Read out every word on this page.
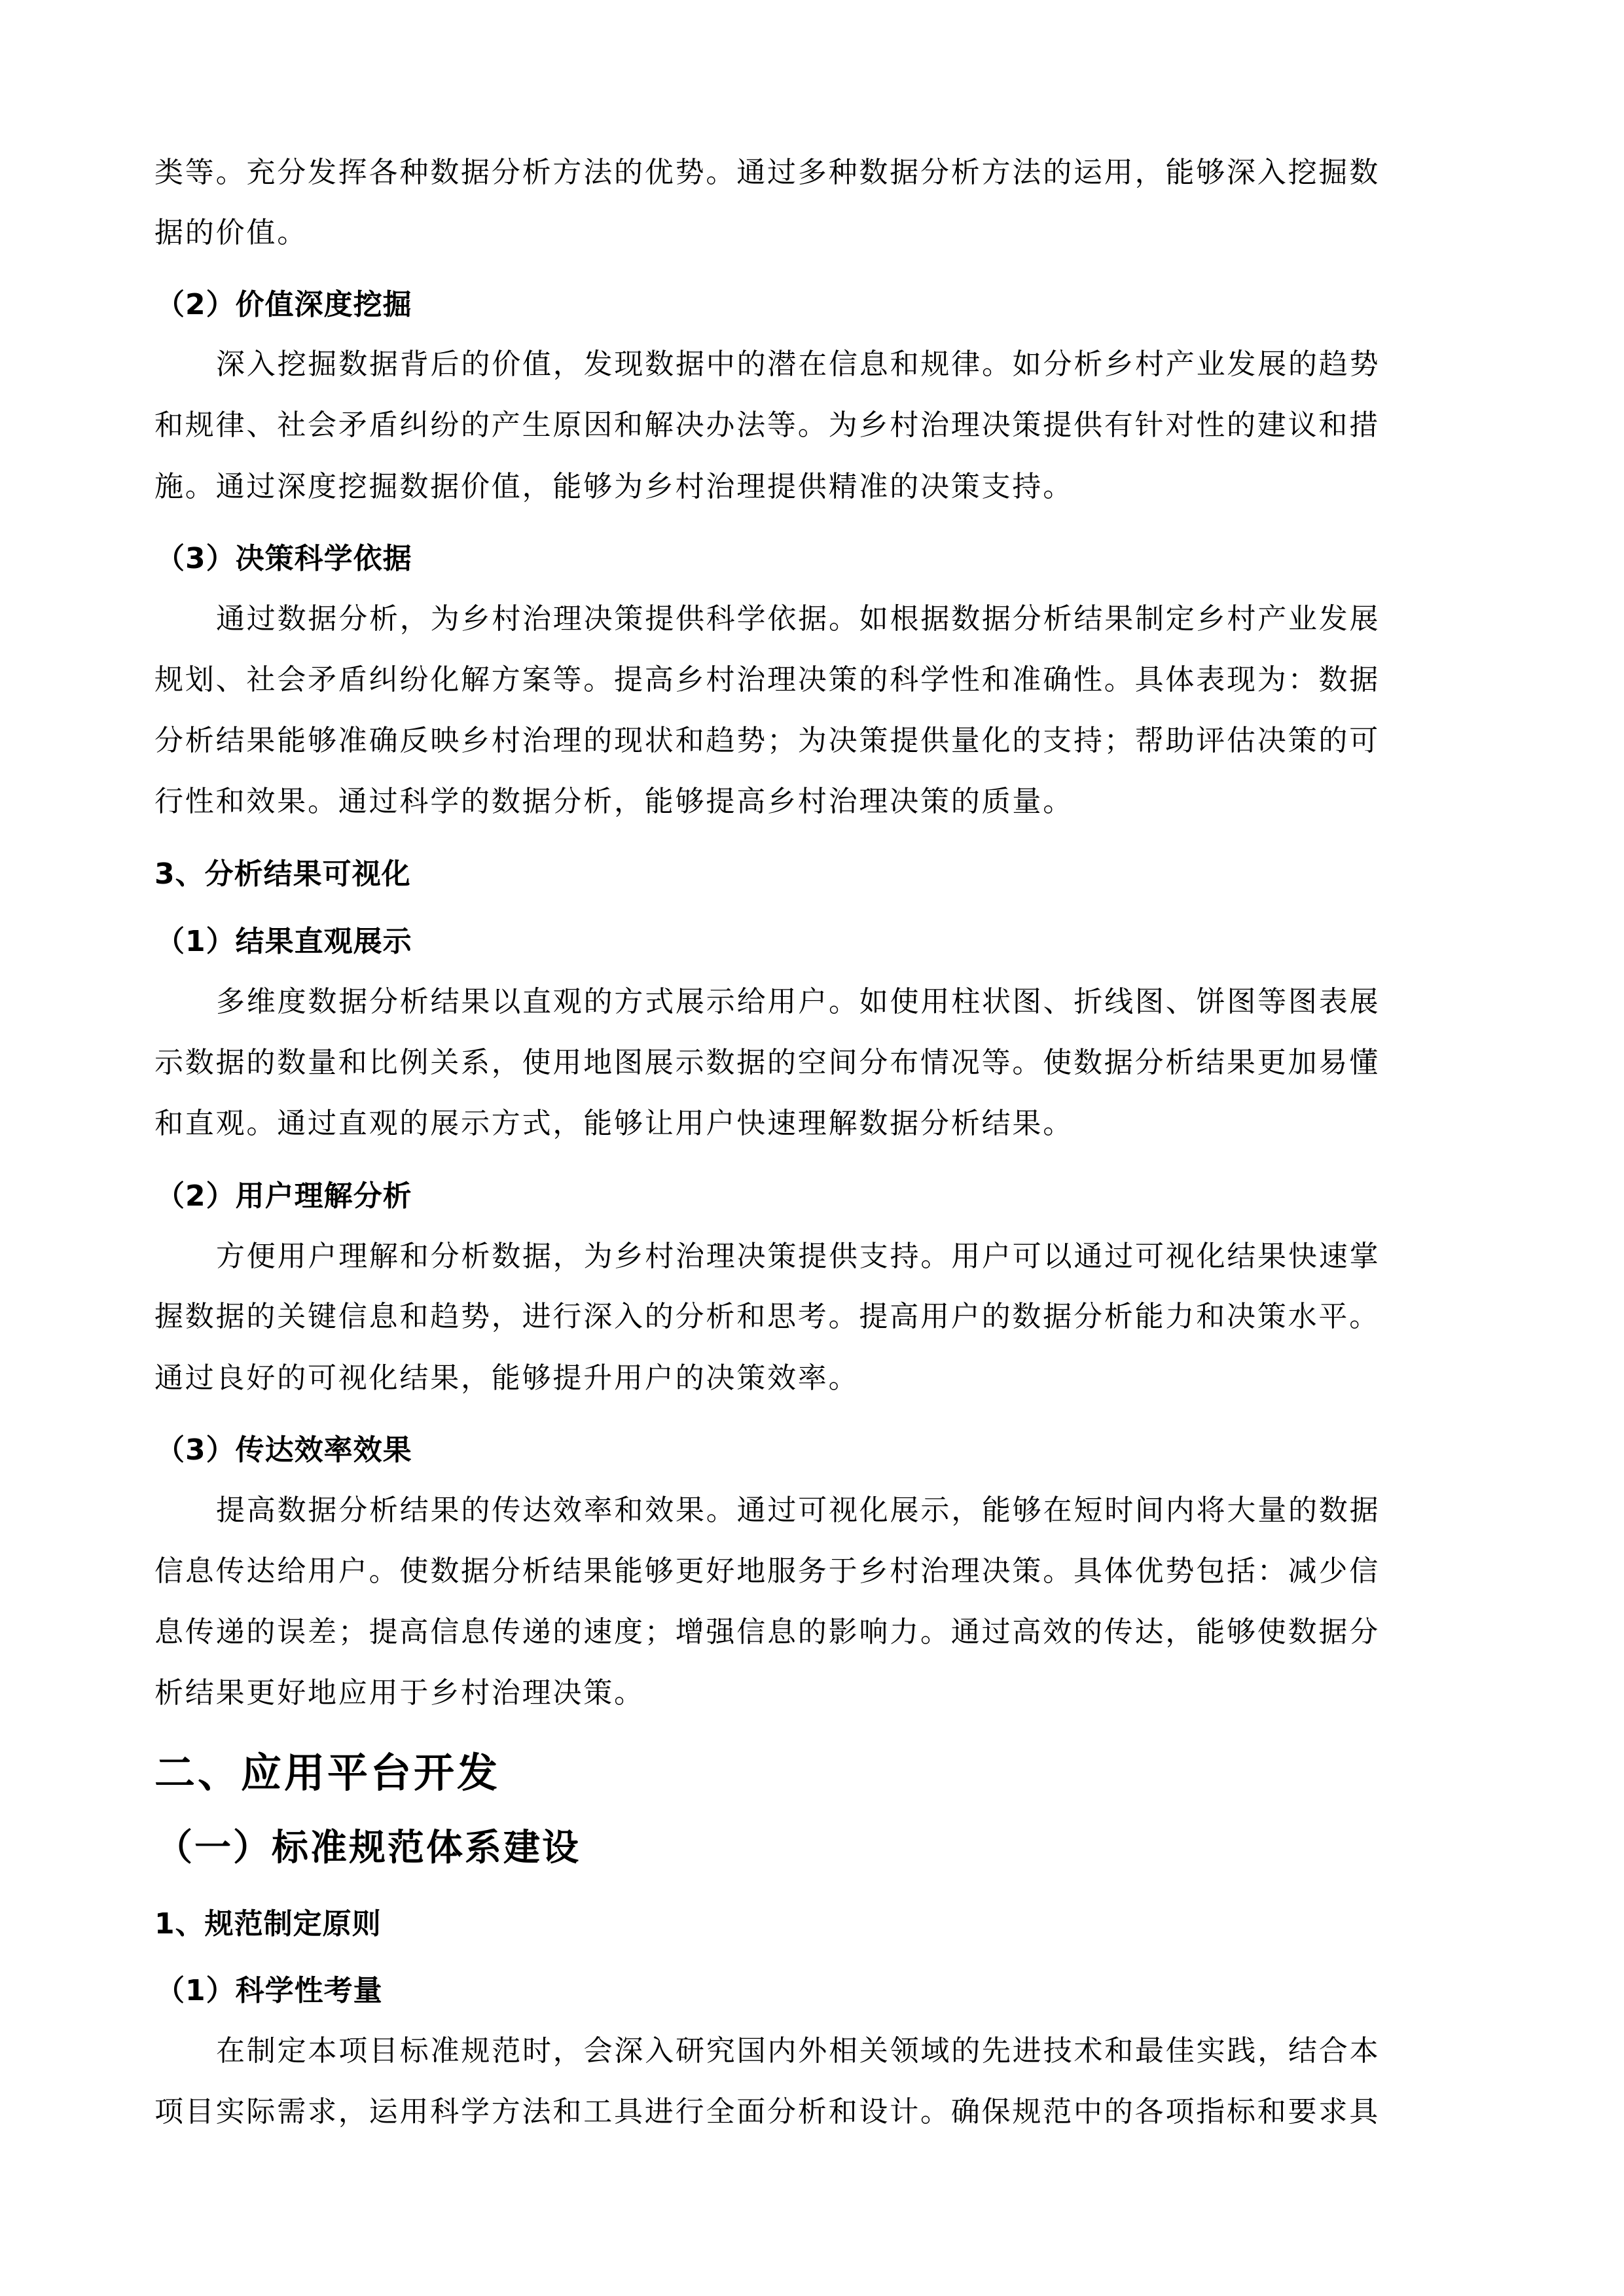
类等。充分发挥各种数据分析方法的优势。通过多种数据分析方法的运用，能够深入挖掘数
据的价值。
（2）价值深度挖掘
深入挖掘数据背后的价值，发现数据中的潜在信息和规律。如分析乡村产业发展的趋势
和规律、社会矛盾纠纷的产生原因和解决办法等。为乡村治理决策提供有针对性的建议和措
施。通过深度挖掘数据价值，能够为乡村治理提供精准的决策支持。
（3）决策科学依据
通过数据分析，为乡村治理决策提供科学依据。如根据数据分析结果制定乡村产业发展
规划、社会矛盾纠纷化解方案等。提高乡村治理决策的科学性和准确性。具体表现为：数据
分析结果能够准确反映乡村治理的现状和趋势；为决策提供量化的支持；帮助评估决策的可
行性和效果。通过科学的数据分析，能够提高乡村治理决策的质量。
3、分析结果可视化
（1）结果直观展示
多维度数据分析结果以直观的方式展示给用户。如使用柱状图、折线图、饼图等图表展
示数据的数量和比例关系，使用地图展示数据的空间分布情况等。使数据分析结果更加易懂
和直观。通过直观的展示方式，能够让用户快速理解数据分析结果。
（2）用户理解分析
方便用户理解和分析数据，为乡村治理决策提供支持。用户可以通过可视化结果快速掌
握数据的关键信息和趋势，进行深入的分析和思考。提高用户的数据分析能力和决策水平。
通过良好的可视化结果，能够提升用户的决策效率。
（3）传达效率效果
提高数据分析结果的传达效率和效果。通过可视化展示，能够在短时间内将大量的数据
信息传达给用户。使数据分析结果能够更好地服务于乡村治理决策。具体优势包括：减少信
息传递的误差；提高信息传递的速度；增强信息的影响力。通过高效的传达，能够使数据分
析结果更好地应用于乡村治理决策。
二、应用平台开发
（一）标准规范体系建设
1、规范制定原则
（1）科学性考量
在制定本项目标准规范时，会深入研究国内外相关领域的先进技术和最佳实践，结合本
项目实际需求，运用科学方法和工具进行全面分析和设计。确保规范中的各项指标和要求具
